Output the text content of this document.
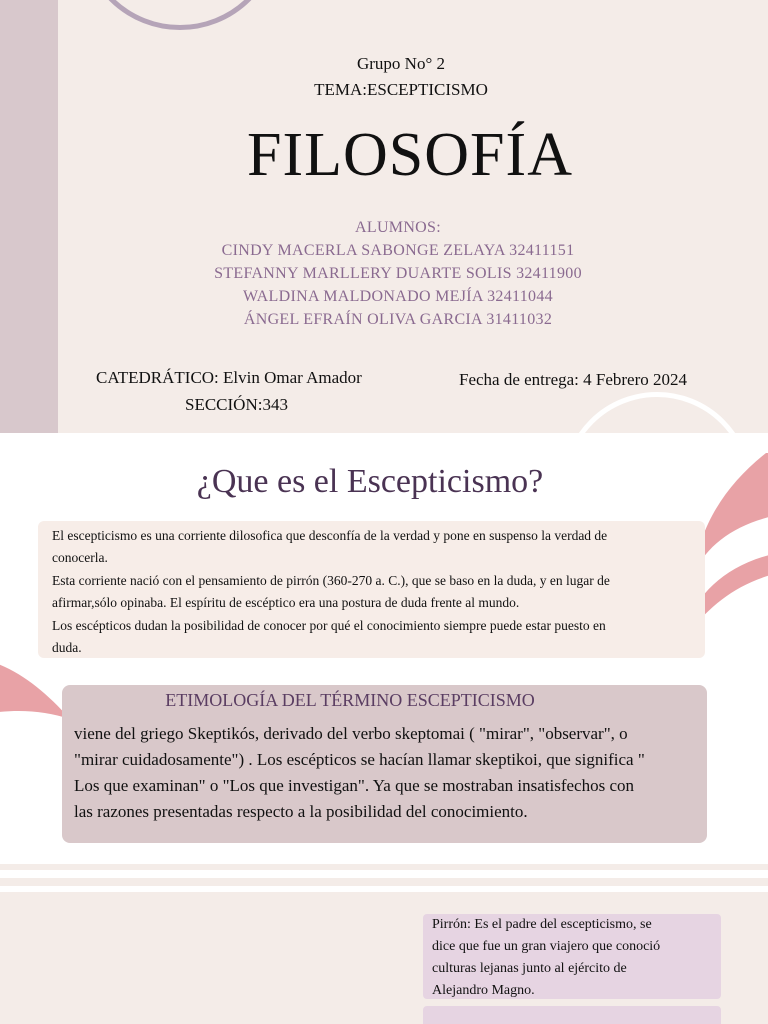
Grupo No° 2
TEMA:ESCEPTICISMO
FILOSOFÍA
ALUMNOS:
CINDY MACERLA SABONGE ZELAYA 32411151
STEFANNY MARLLERY DUARTE SOLIS 32411900
WALDINA MALDONADO MEJÍA 32411044
ÁNGEL EFRAÍN OLIVA GARCIA 31411032
CATEDRÁTICO: Elvin Omar Amador
SECCIÓN:343
Fecha de entrega: 4 Febrero 2024
¿Que es el Escepticismo?
El escepticismo es una corriente dilosofica que desconfía de la verdad y pone en suspenso la verdad de
conocerla.
Esta corriente nació con el pensamiento de pirrón (360-270 a. C.), que se baso en la duda, y en lugar de
afirmar,sólo opinaba. El espíritu de escéptico era una postura de duda frente al mundo.
Los escépticos dudan la posibilidad de conocer por qué el conocimiento siempre puede estar puesto en
duda.
ETIMOLOGÍA DEL TÉRMINO ESCEPTICISMO
viene del griego Skeptikós, derivado del verbo skeptomai ( "mirar", "observar", o
"mirar cuidadosamente") . Los escépticos se hacían llamar skeptikoi, que significa "
Los que examinan" o "Los que investigan". Ya que se mostraban insatisfechos con
las razones presentadas respecto a la posibilidad del conocimiento.
Pirrón: Es el padre del escepticismo, se
dice que fue un gran viajero que conoció
culturas lejanas junto al ejército de
Alejandro Magno.
